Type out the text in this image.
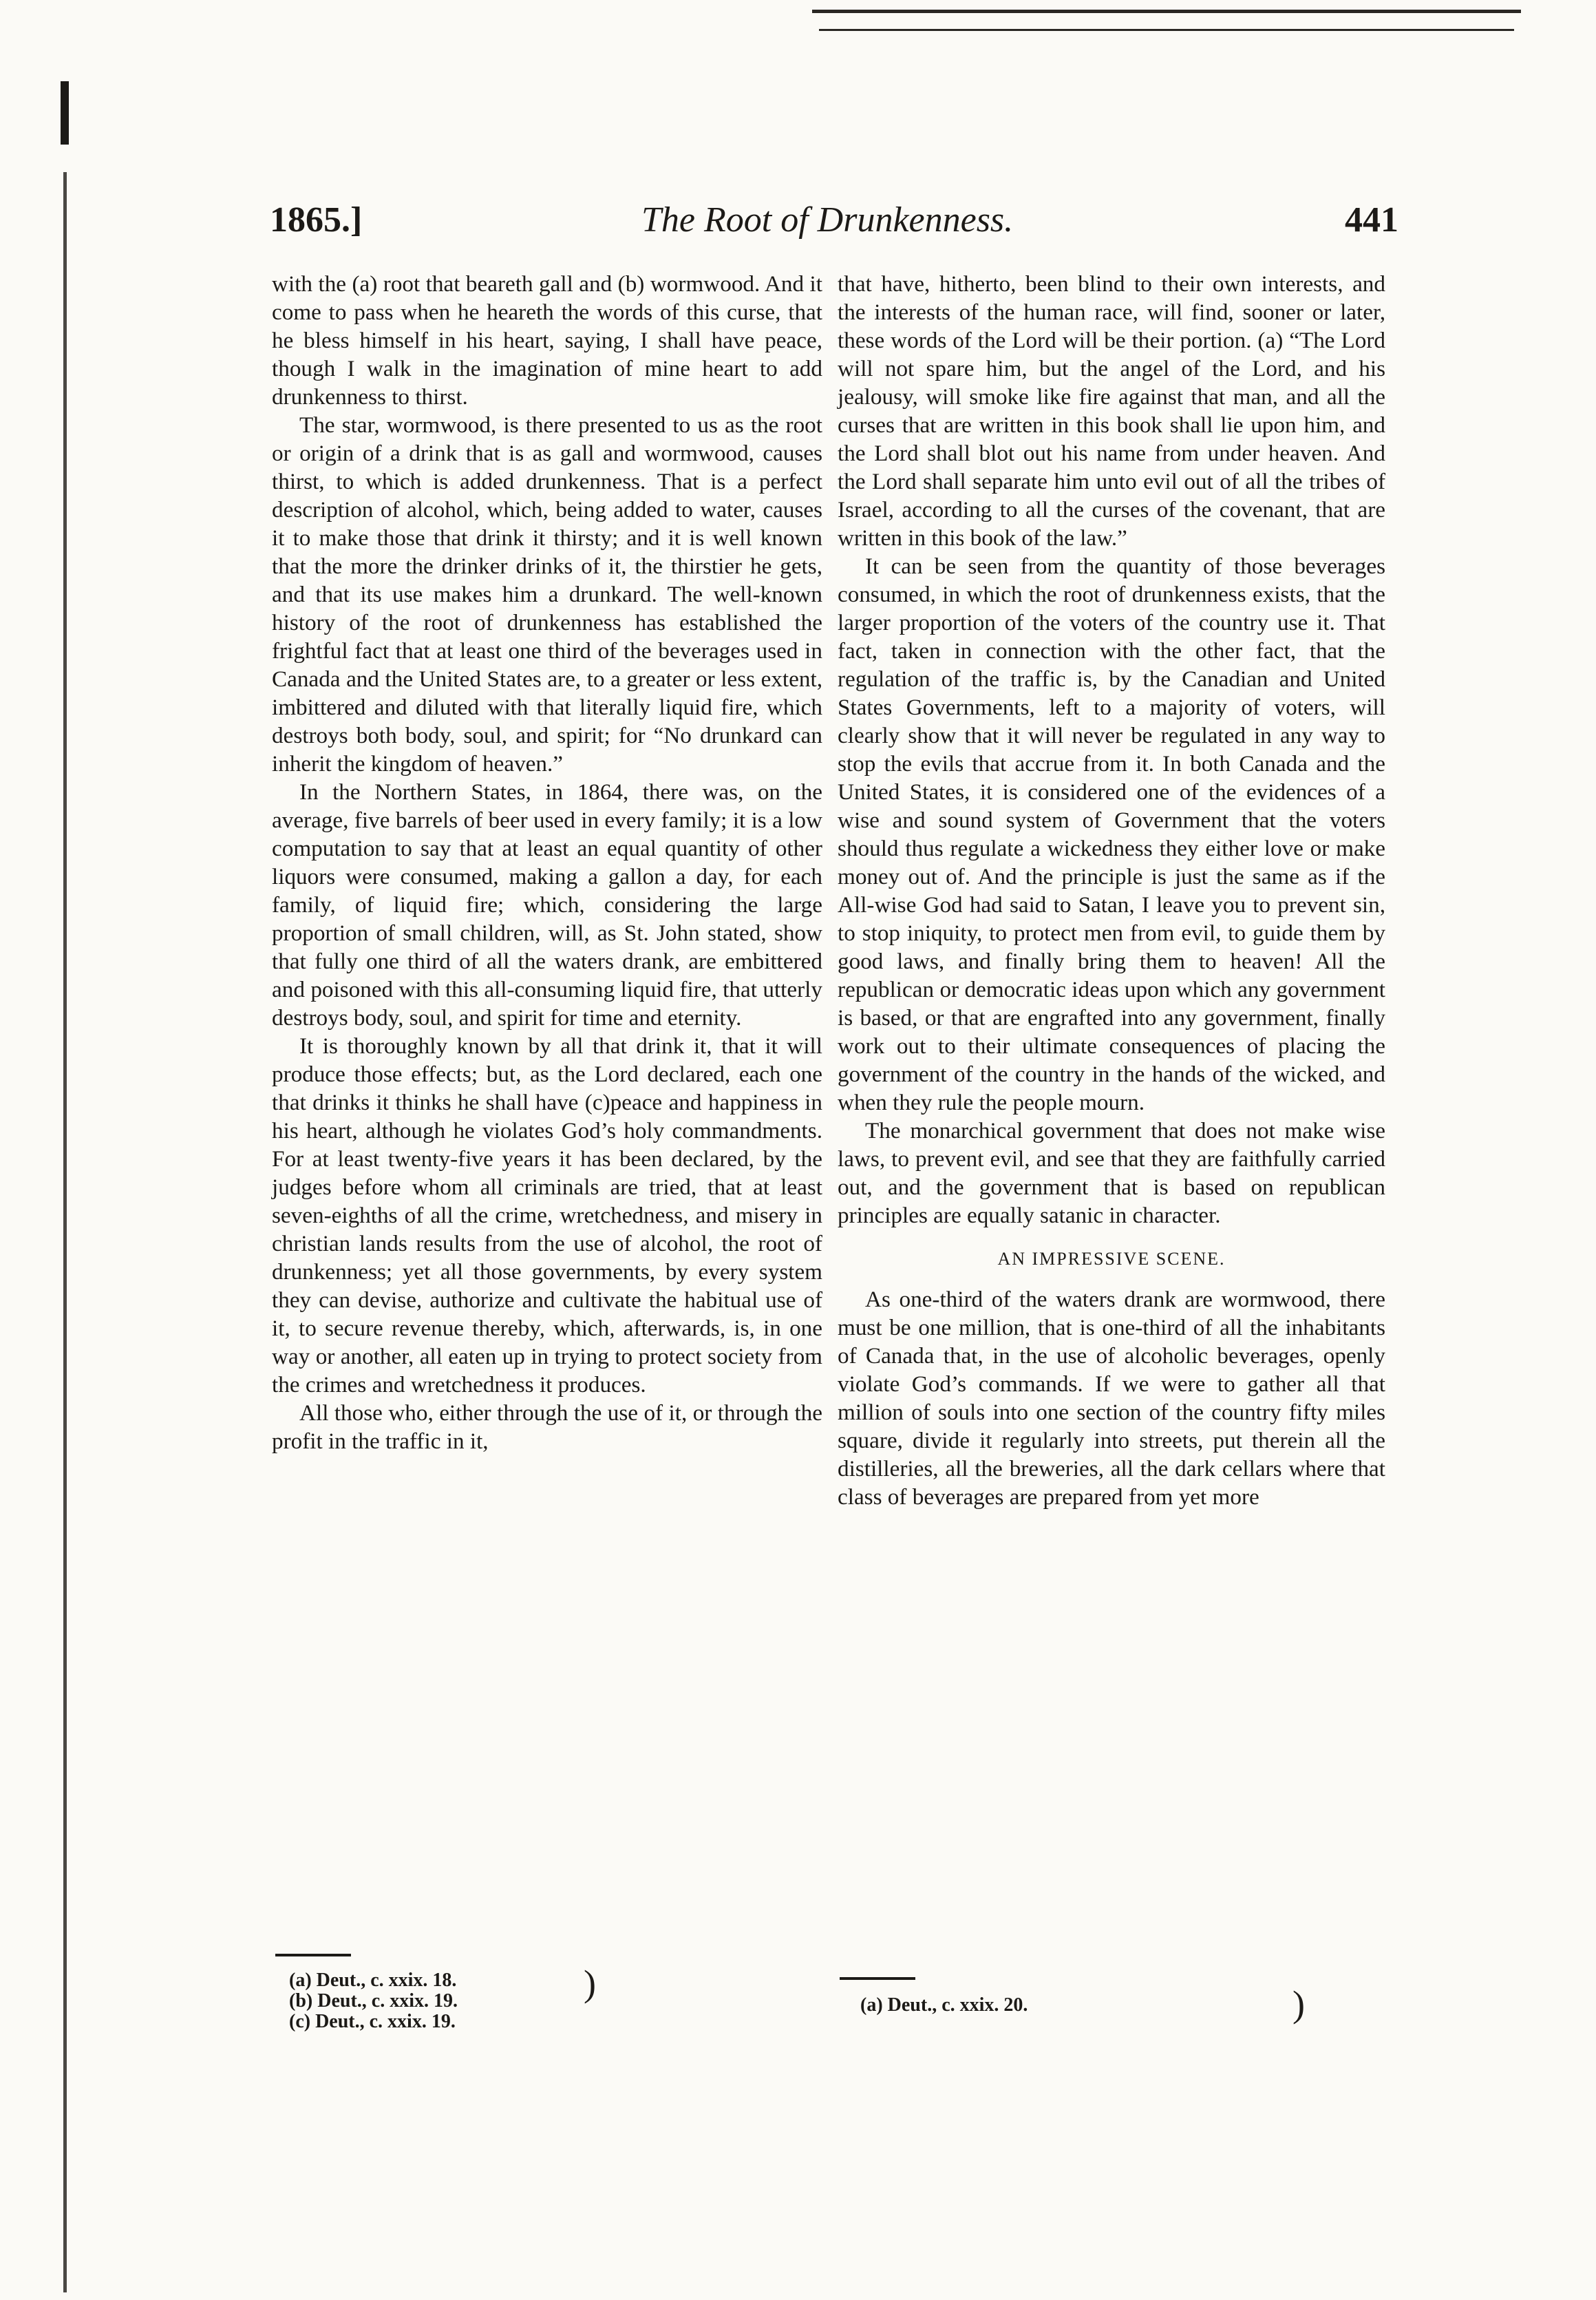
1865.]	The Root of Drunkenness.	441

with the (a) root that beareth gall and (b) wormwood. And it come to pass when he heareth the words of this curse, that he bless himself in his heart, saying, I shall have peace, though I walk in the imagination of mine heart to add drunkenness to thirst.

The star, wormwood, is there presented to us as the root or origin of a drink that is as gall and wormwood, causes thirst, to which is added drunkenness. That is a perfect description of alcohol, which, being added to water, causes it to make those that drink it thirsty; and it is well known that the more the drinker drinks of it, the thirstier he gets, and that its use makes him a drunkard. The well-known history of the root of drunkenness has established the frightful fact that at least one third of the beverages used in Canada and the United States are, to a greater or less extent, imbittered and diluted with that literally liquid fire, which destroys both body, soul, and spirit; for “No drunkard can inherit the kingdom of heaven.”

In the Northern States, in 1864, there was, on the average, five barrels of beer used in every family; it is a low computation to say that at least an equal quantity of other liquors were consumed, making a gallon a day, for each family, of liquid fire; which, considering the large proportion of small children, will, as St. John stated, show that fully one third of all the waters drank, are embittered and poisoned with this all-consuming liquid fire, that utterly destroys body, soul, and spirit for time and eternity.

It is thoroughly known by all that drink it, that it will produce those effects; but, as the Lord declared, each one that drinks it thinks he shall have (c)peace and happiness in his heart, although he violates God’s holy commandments. For at least twenty-five years it has been declared, by the judges before whom all criminals are tried, that at least seven-eighths of all the crime, wretchedness, and misery in christian lands results from the use of alcohol, the root of drunkenness; yet all those governments, by every system they can devise, authorize and cultivate the habitual use of it, to secure revenue thereby, which, afterwards, is, in one way or another, all eaten up in trying to protect society from the crimes and wretchedness it produces.

All those who, either through the use of it, or through the profit in the traffic in it,

(a) Deut., c. xxix. 18.
(b) Deut., c. xxix. 19.
(c) Deut., c. xxix. 19.

that have, hitherto, been blind to their own interests, and the interests of the human race, will find, sooner or later, these words of the Lord will be their portion. (a) “The Lord will not spare him, but the angel of the Lord, and his jealousy, will smoke like fire against that man, and all the curses that are written in this book shall lie upon him, and the Lord shall blot out his name from under heaven. And the Lord shall separate him unto evil out of all the tribes of Israel, according to all the curses of the covenant, that are written in this book of the law.”

It can be seen from the quantity of those beverages consumed, in which the root of drunkenness exists, that the larger proportion of the voters of the country use it. That fact, taken in connection with the other fact, that the regulation of the traffic is, by the Canadian and United States Governments, left to a majority of voters, will clearly show that it will never be regulated in any way to stop the evils that accrue from it. In both Canada and the United States, it is considered one of the evidences of a wise and sound system of Government that the voters should thus regulate a wickedness they either love or make money out of. And the principle is just the same as if the All-wise God had said to Satan, I leave you to prevent sin, to stop iniquity, to protect men from evil, to guide them by good laws, and finally bring them to heaven! All the republican or democratic ideas upon which any government is based, or that are engrafted into any government, finally work out to their ultimate consequences of placing the government of the country in the hands of the wicked, and when they rule the people mourn.

The monarchical government that does not make wise laws, to prevent evil, and see that they are faithfully carried out, and the government that is based on republican principles are equally satanic in character.

AN IMPRESSIVE SCENE.

As one-third of the waters drank are wormwood, there must be one million, that is one-third of all the inhabitants of Canada that, in the use of alcoholic beverages, openly violate God’s commands. If we were to gather all that million of souls into one section of the country fifty miles square, divide it regularly into streets, put therein all the distilleries, all the breweries, all the dark cellars where that class of beverages are prepared from yet more

(a) Deut., c. xxix. 20.
)	)
